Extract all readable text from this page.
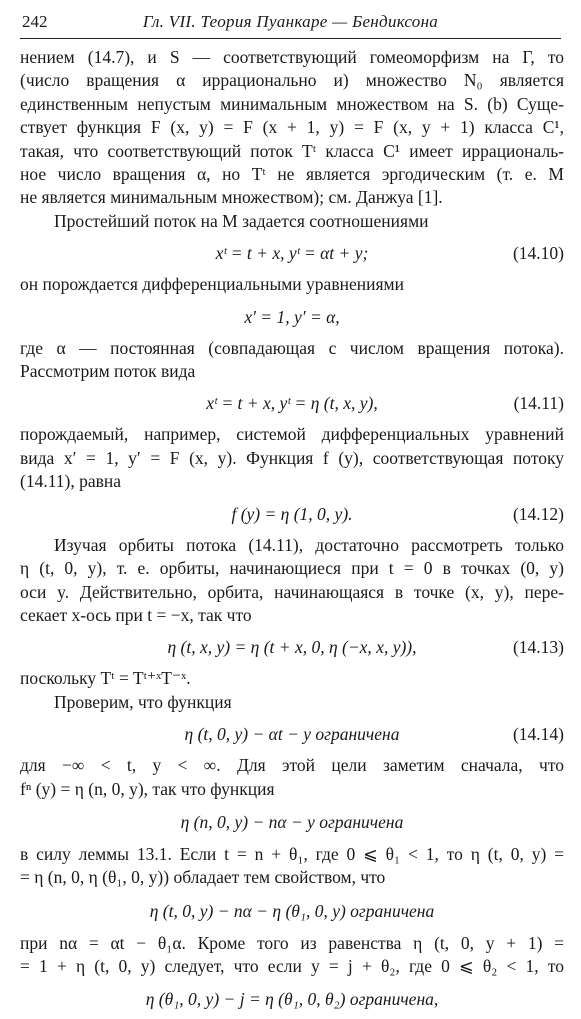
242	Гл. VII. Теория Пуанкаре — Бендиксона

нением (14.7), и S — соответствующий гомеоморфизм на Γ, то

(число вращения α иррационально и) множество N₀ является

единственным непустым минимальным множеством на S. (b) Суще-

ствует функция F (x, y) = F (x + 1, y) = F (x, y + 1) класса C¹,

такая, что соответствующий поток Tᵗ класса C¹ имеет иррациональ-

ное число вращения α, но Tᵗ не является эргодическим (т. е. M

не является минимальным множеством); см. Данжуа [1].

Простейший поток на M задается соотношениями

xᵗ = t + x, yᵗ = αt + y;	(14.10)

он порождается дифференциальными уравнениями

x′ = 1, y′ = α,

где α — постоянная (совпадающая с числом вращения потока).

Рассмотрим поток вида

xᵗ = t + x, yᵗ = η (t, x, y),	(14.11)

порождаемый, например, системой дифференциальных уравнений

вида x′ = 1, y′ = F (x, y). Функция f (y), соответствующая потоку

(14.11), равна

f (y) = η (1, 0, y).	(14.12)

Изучая орбиты потока (14.11), достаточно рассмотреть только

η (t, 0, y), т. е. орбиты, начинающиеся при t = 0 в точках (0, y)

оси y. Действительно, орбита, начинающаяся в точке (x, y), пере-

секает x-ось при t = −x, так что

η (t, x, y) = η (t + x, 0, η (−x, x, y)),	(14.13)

поскольку Tᵗ = Tᵗ⁺ˣT⁻ˣ.

Проверим, что функция

η (t, 0, y) − αt − y ограничена	(14.14)

для −∞ < t, y < ∞. Для этой цели заметим сначала, что

fⁿ (y) = η (n, 0, y), так что функция

η (n, 0, y) − nα − y ограничена

в силу леммы 13.1. Если t = n + θ₁, где 0 ⩽ θ₁ < 1, то η (t, 0, y) =

= η (n, 0, η (θ₁, 0, y)) обладает тем свойством, что

η (t, 0, y) − nα − η (θ₁, 0, y) ограничена

при nα = αt − θ₁α. Кроме того из равенства η (t, 0, y + 1) =

= 1 + η (t, 0, y) следует, что если y = j + θ₂, где 0 ⩽ θ₂ < 1, то

η (θ₁, 0, y) − j = η (θ₁, 0, θ₂) ограничена,
